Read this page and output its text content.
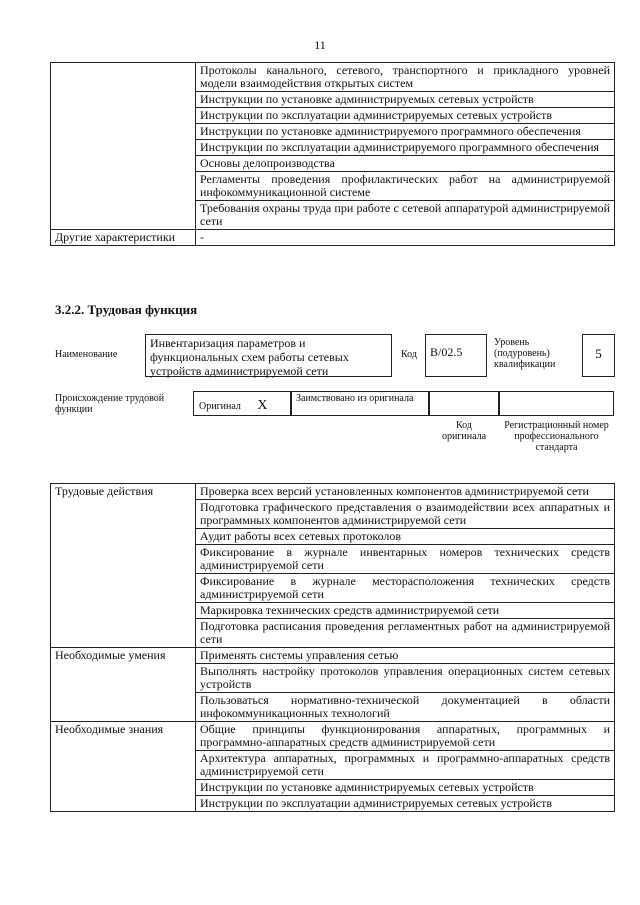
11
	Протоколы канального, сетевого, транспортного и прикладного уровней модели взаимодействия открытых систем
	Инструкции по установке администрируемых сетевых устройств
	Инструкции по эксплуатации администрируемых сетевых устройств
	Инструкции по установке администрируемого программного обеспечения
	Инструкции по эксплуатации администрируемого программного обеспечения
	Основы делопроизводства
	Регламенты проведения профилактических работ на администрируемой инфокоммуникационной системе
	Требования охраны труда при работе с сетевой аппаратурой администрируемой сети
Другие характеристики	-
3.2.2. Трудовая функция
Наименование
Инвентаризация параметров и функциональных схем работы сетевых устройств администрируемой сети
Код	B/02.5
Уровень (подуровень) квалификации
5
Происхождение трудовой функции	Оригинал X	Заимствовано из оригинала
Код оригинала
Регистрационный номер профессионального стандарта
Трудовые действия	Проверка всех версий установленных компонентов администрируемой сети
	Подготовка графического представления о взаимодействии всех аппаратных и программных компонентов администрируемой сети
	Аудит работы всех сетевых протоколов
	Фиксирование в журнале инвентарных номеров технических средств администрируемой сети
	Фиксирование в журнале месторасположения технических средств администрируемой сети
	Маркировка технических средств администрируемой сети
	Подготовка расписания проведения регламентных работ на администрируемой сети
Необходимые умения	Применять системы управления сетью
	Выполнять настройку протоколов управления операционных систем сетевых устройств
	Пользоваться нормативно-технической документацией в области инфокоммуникационных технологий
Необходимые знания	Общие принципы функционирования аппаратных, программных и программно-аппаратных средств администрируемой сети
	Архитектура аппаратных, программных и программно-аппаратных средств администрируемой сети
	Инструкции по установке администрируемых сетевых устройств
	Инструкции по эксплуатации администрируемых сетевых устройств
